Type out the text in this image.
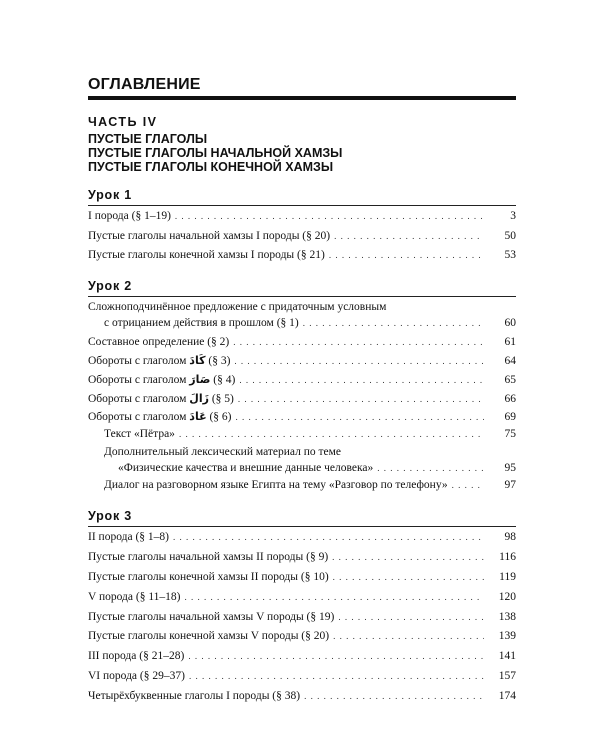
ОГЛАВЛЕНИЕ
ЧАСТЬ IV
ПУСТЫЕ ГЛАГОЛЫ
ПУСТЫЕ ГЛАГОЛЫ НАЧАЛЬНОЙ ХАМЗЫ
ПУСТЫЕ ГЛАГОЛЫ КОНЕЧНОЙ ХАМЗЫ
Урок 1
I порода (§ 1–19) . . .	3
Пустые глаголы начальной хамзы I породы (§ 20) . . .	50
Пустые глаголы конечной хамзы I породы (§ 21) . . .	53
Урок 2
Сложноподчинённое предложение с придаточным условным
с отрицанием действия в прошлом (§ 1) . . .	60
Составное определение (§ 2) . . .	61
Обороты с глаголом كَادَ (§ 3) . . .	64
Обороты с глаголом صَارَ (§ 4) . . .	65
Обороты с глаголом زَالَ (§ 5) . . .	66
Обороты с глаголом عَادَ (§ 6) . . .	69
Текст «Пётра» . . .	75
Дополнительный лексический материал по теме
«Физические качества и внешние данные человека» . . .	95
Диалог на разговорном языке Египта на тему «Разговор по телефону» . . .	97
Урок 3
II порода (§ 1–8) . . .	98
Пустые глаголы начальной хамзы II породы (§ 9) . . .	116
Пустые глаголы конечной хамзы II породы (§ 10) . . .	119
V порода (§ 11–18) . . .	120
Пустые глаголы начальной хамзы V породы (§ 19) . . .	138
Пустые глаголы конечной хамзы V породы (§ 20) . . .	139
III порода (§ 21–28) . . .	141
VI порода (§ 29–37) . . .	157
Четырёхбуквенные глаголы I породы (§ 38) . . .	174
